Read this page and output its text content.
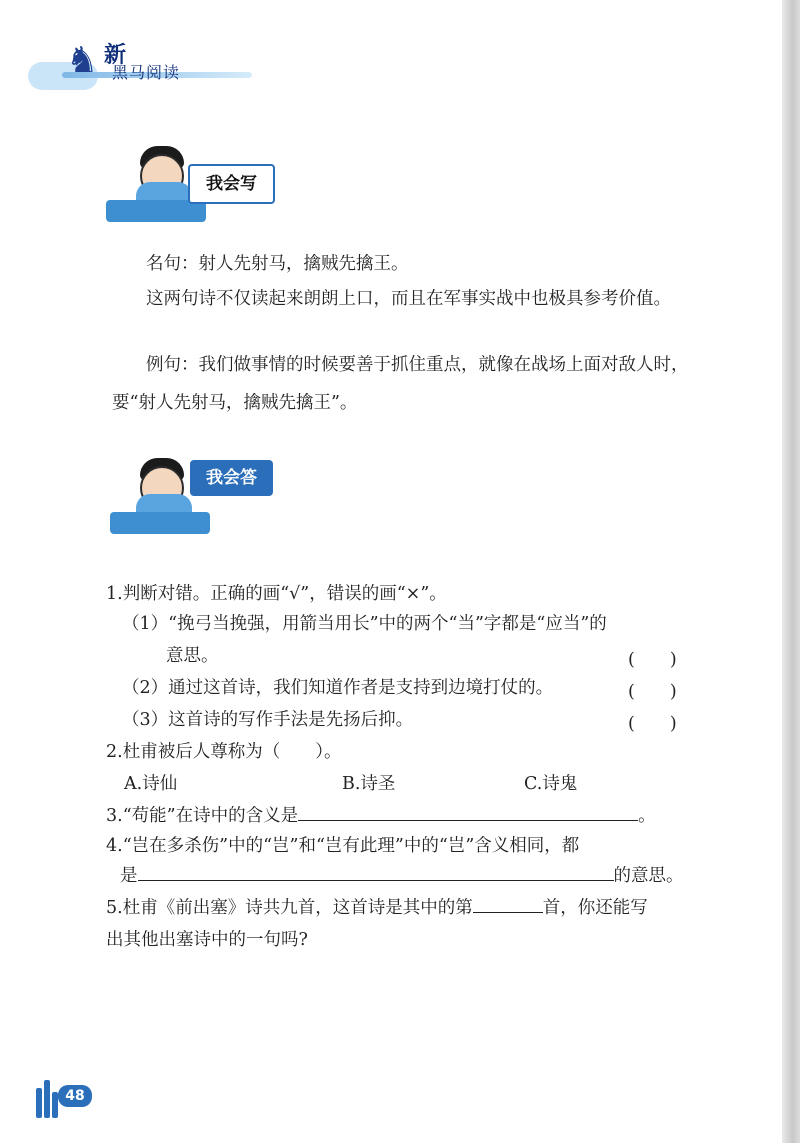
♞ 新
黑马阅读
我会写
名句：射人先射马，擒贼先擒王。
这两句诗不仅读起来朗朗上口，而且在军事实战中也极具参考价值。
例句：我们做事情的时候要善于抓住重点，就像在战场上面对敌人时，要“射人先射马，擒贼先擒王”。
我会答
1.判断对错。正确的画“√”，错误的画“×”。
（1）“挽弓当挽强，用箭当用长”中的两个“当”字都是“应当”的
意思。	(　　)
（2）通过这首诗，我们知道作者是支持到边境打仗的。	(　　)
（3）这首诗的写作手法是先扬后抑。	(　　)
2.杜甫被后人尊称为（　　）。
A.诗仙	B.诗圣	C.诗鬼
3.“苟能”在诗中的含义是	。
4.“岂在多杀伤”中的“岂”和“岂有此理”中的“岂”含义相同，都
是	的意思。
5.杜甫《前出塞》诗共九首，这首诗是其中的第	首，你还能写
出其他出塞诗中的一句吗?
48
